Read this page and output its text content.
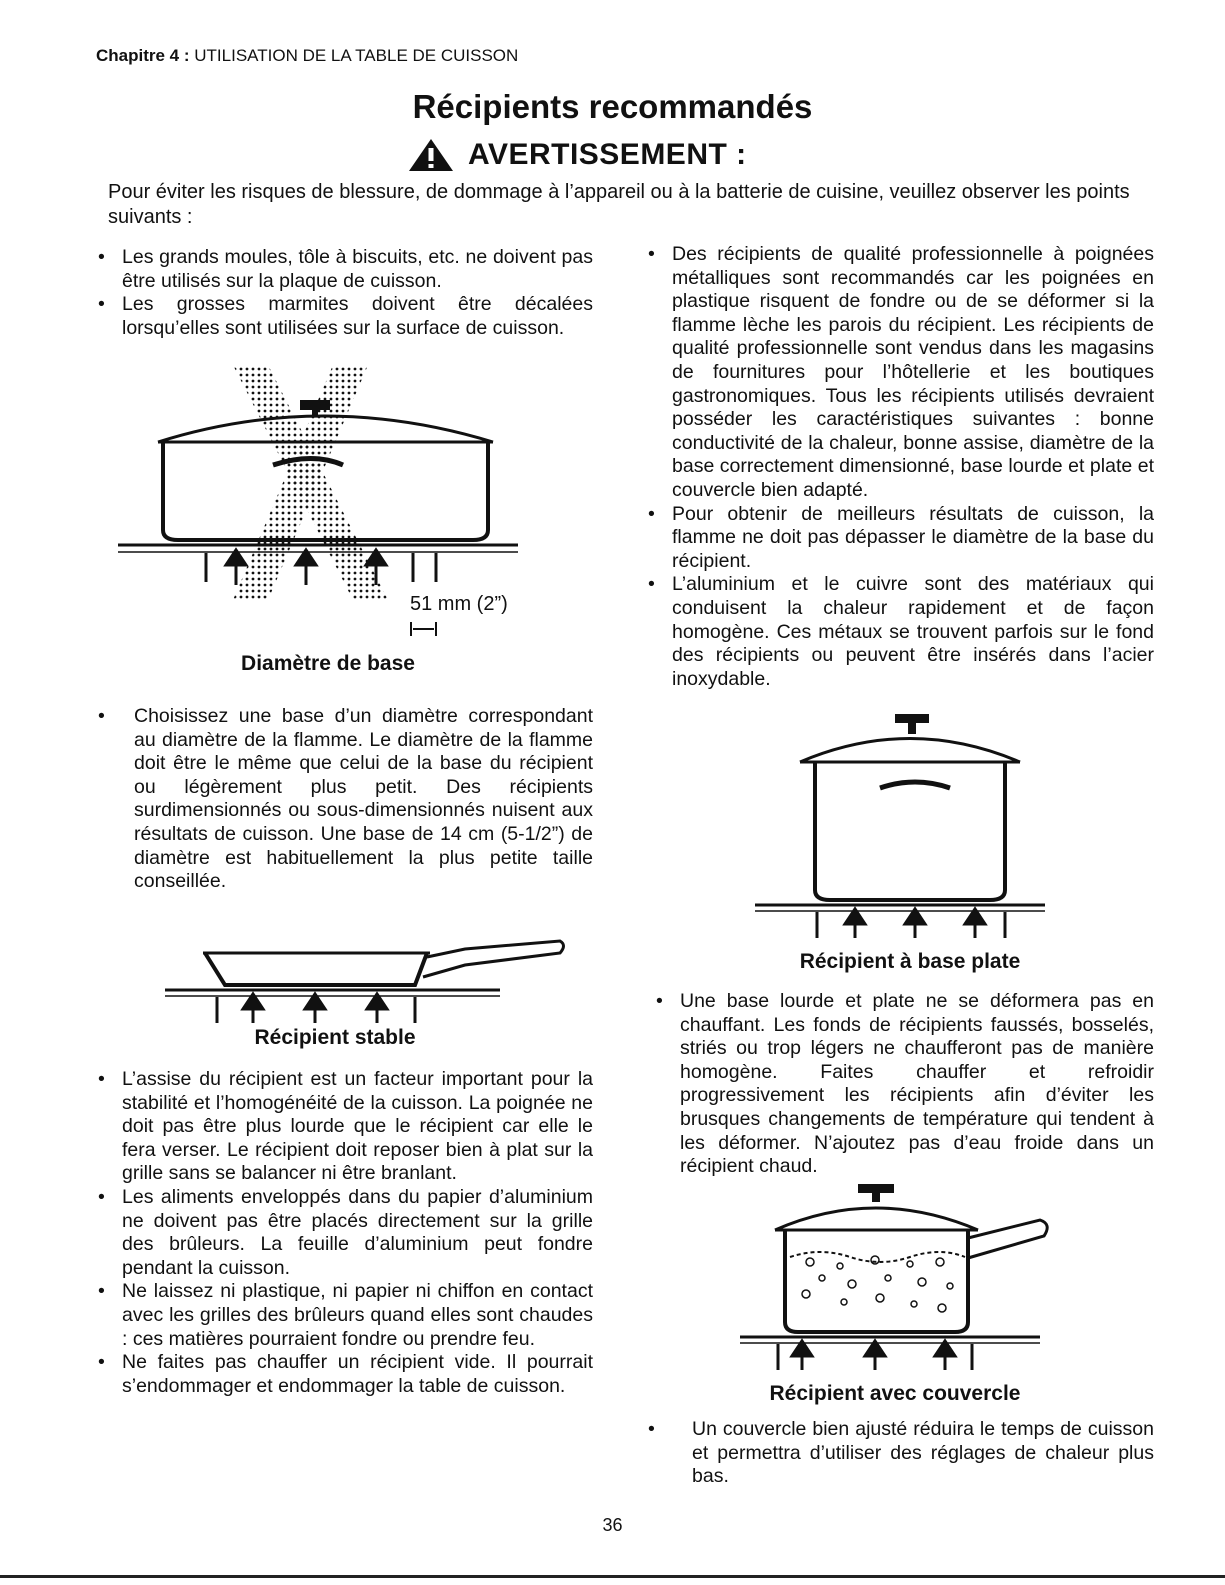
Chapitre 4 : UTILISATION DE LA TABLE DE CUISSON
Récipients recommandés
AVERTISSEMENT :
Pour éviter les risques de blessure, de dommage à l’appareil ou à la batterie de cuisine, veuillez observer les points suivants :

• Les grands moules, tôle à biscuits, etc. ne doivent pas être utilisés sur la plaque de cuisson.

• Les grosses marmites doivent être décalées lorsqu’elles sont utilisées sur la surface de cuisson.

51 mm (2”)
Diamètre de base

• Choisissez une base d’un diamètre correspondant au diamètre de la flamme. Le diamètre de la flamme doit être le même que celui de la base du récipient ou légèrement plus petit. Des récipients surdimensionnés ou sous-dimensionnés nuisent aux résultats de cuisson. Une base de 14 cm (5-1/2”) de diamètre est habituellement la plus petite taille conseillée.

Récipient stable

• L’assise du récipient est un facteur important pour la stabilité et l’homogénéité de la cuisson. La poignée ne doit pas être plus lourde que le récipient car elle le fera verser. Le récipient doit reposer bien à plat sur la grille sans se balancer ni être branlant.

• Les aliments enveloppés dans du papier d’aluminium ne doivent pas être placés directement sur la grille des brûleurs. La feuille d’aluminium peut fondre pendant la cuisson.

• Ne laissez ni plastique, ni papier ni chiffon en contact avec les grilles des brûleurs quand elles sont chaudes : ces matières pourraient fondre ou prendre feu.

• Ne faites pas chauffer un récipient vide. Il pourrait s’endommager et endommager la table de cuisson.

• Des récipients de qualité professionnelle à poignées métalliques sont recommandés car les poignées en plastique risquent de fondre ou de se déformer si la flamme lèche les parois du récipient. Les récipients de qualité professionnelle sont vendus dans les magasins de fournitures pour l’hôtellerie et les boutiques gastronomiques. Tous les récipients utilisés devraient posséder les caractéristiques suivantes : bonne conductivité de la chaleur, bonne assise, diamètre de la base correctement dimensionné, base lourde et plate et couvercle bien adapté.

• Pour obtenir de meilleurs résultats de cuisson, la flamme ne doit pas dépasser le diamètre de la base du récipient.

• L’aluminium et le cuivre sont des matériaux qui conduisent la chaleur rapidement et de façon homogène. Ces métaux se trouvent parfois sur le fond des récipients ou peuvent être insérés dans l’acier inoxydable.

Récipient à base plate

• Une base lourde et plate ne se déformera pas en chauffant. Les fonds de récipients faussés, bosselés, striés ou trop légers ne chaufferont pas de manière homogène. Faites chauffer et refroidir progressivement les récipients afin d’éviter les brusques changements de température qui tendent à les déformer. N’ajoutez pas d’eau froide dans un récipient chaud.

Récipient avec couvercle

• Un couvercle bien ajusté réduira le temps de cuisson et permettra d’utiliser des réglages de chaleur plus bas.

36
